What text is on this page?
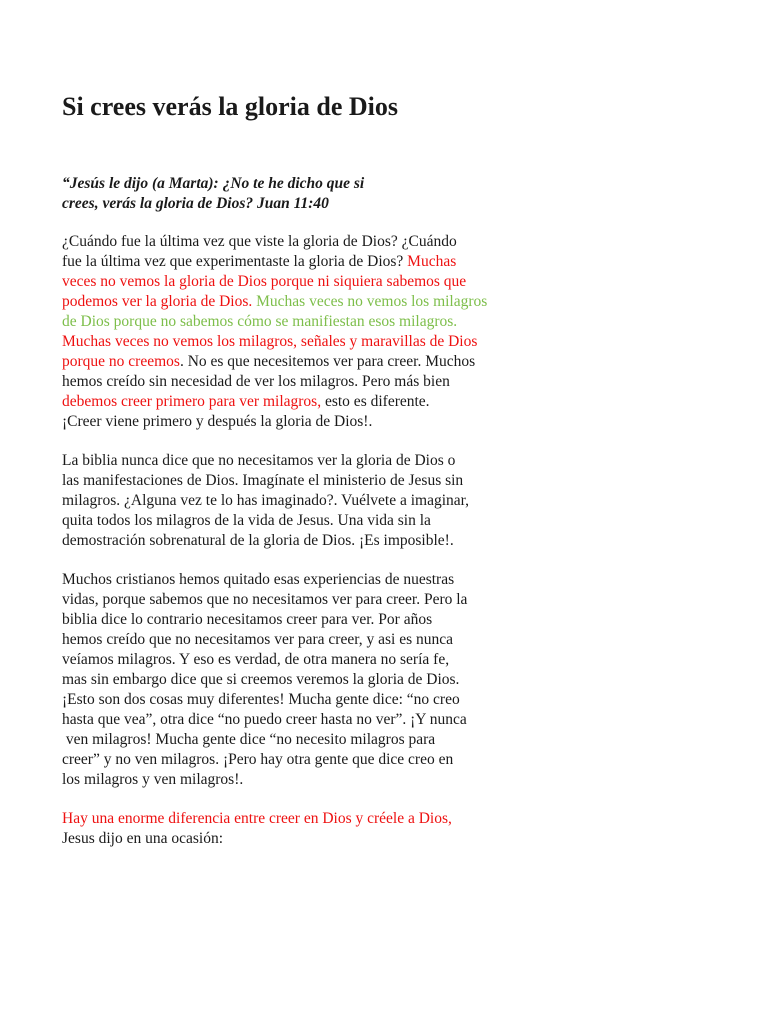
Si crees verás la gloria de Dios

“Jesús le dijo (a Marta): ¿No te he dicho que si
crees, verás la gloria de Dios? Juan 11:40

¿Cuándo fue la última vez que viste la gloria de Dios? ¿Cuándo
fue la última vez que experimentaste la gloria de Dios? Muchas
veces no vemos la gloria de Dios porque ni siquiera sabemos que
podemos ver la gloria de Dios. Muchas veces no vemos los milagros
de Dios porque no sabemos cómo se manifiestan esos milagros.
Muchas veces no vemos los milagros, señales y maravillas de Dios
porque no creemos. No es que necesitemos ver para creer. Muchos
hemos creído sin necesidad de ver los milagros. Pero más bien
debemos creer primero para ver milagros, esto es diferente.
¡Creer viene primero y después la gloria de Dios!.

La biblia nunca dice que no necesitamos ver la gloria de Dios o
las manifestaciones de Dios. Imagínate el ministerio de Jesus sin
milagros. ¿Alguna vez te lo has imaginado?. Vuélvete a imaginar,
quita todos los milagros de la vida de Jesus. Una vida sin la
demostración sobrenatural de la gloria de Dios. ¡Es imposible!.

Muchos cristianos hemos quitado esas experiencias de nuestras
vidas, porque sabemos que no necesitamos ver para creer. Pero la
biblia dice lo contrario necesitamos creer para ver. Por años
hemos creído que no necesitamos ver para creer, y asi es nunca
veíamos milagros. Y eso es verdad, de otra manera no sería fe,
mas sin embargo dice que si creemos veremos la gloria de Dios.
¡Esto son dos cosas muy diferentes! Mucha gente dice: “no creo
hasta que vea”, otra dice “no puedo creer hasta no ver”. ¡Y nunca
ven milagros! Mucha gente dice “no necesito milagros para
creer” y no ven milagros. ¡Pero hay otra gente que dice creo en
los milagros y ven milagros!.

Hay una enorme diferencia entre creer en Dios y créele a Dios,
Jesus dijo en una ocasión:
